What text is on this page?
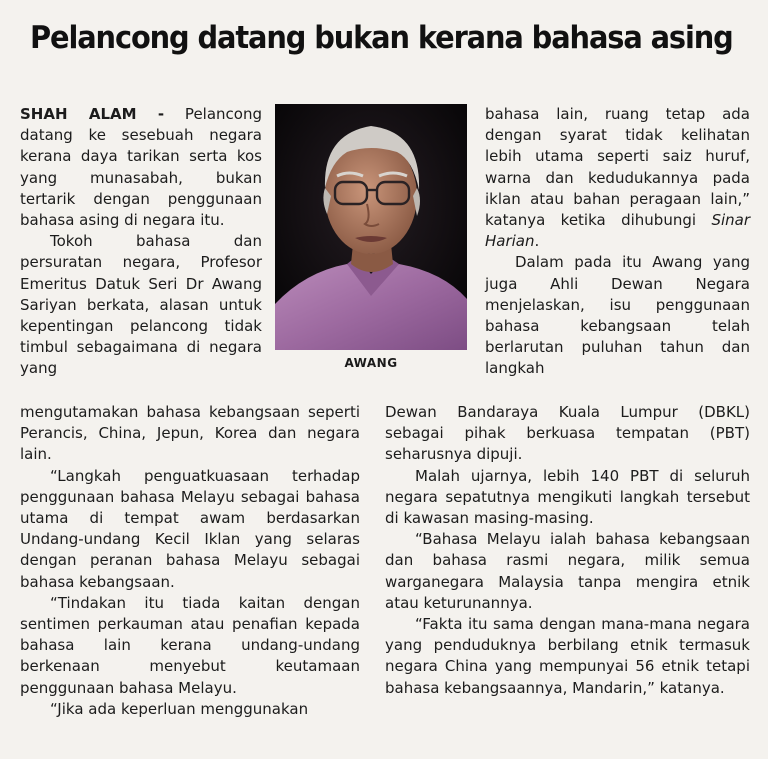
Pelancong datang bukan kerana bahasa asing

SHAH ALAM - Pelancong datang ke sesebuah negara kerana daya tarikan serta kos yang munasabah, bukan tertarik dengan penggunaan bahasa asing di negara itu.

Tokoh bahasa dan persuratan negara, Profesor Emeritus Datuk Seri Dr Awang Sariyan berkata, alasan untuk kepentingan pelancong tidak timbul sebagaimana di negara yang	AWANG

mengutamakan bahasa kebangsaan seperti Perancis, China, Jepun, Korea dan negara lain.

“Langkah penguatkuasaan terhadap penggunaan bahasa Melayu sebagai bahasa utama di tempat awam berdasarkan Undang-undang Kecil Iklan yang selaras dengan peranan bahasa Melayu sebagai bahasa kebangsaan.

“Tindakan itu tiada kaitan dengan sentimen perkauman atau penafian kepada bahasa lain kerana undang-undang berkenaan menyebut keutamaan penggunaan bahasa Melayu.

“Jika ada keperluan menggunakan

bahasa lain, ruang tetap ada dengan syarat tidak kelihatan lebih utama seperti saiz huruf, warna dan kedudukannya pada iklan atau bahan peragaan lain,” katanya ketika dihubungi Sinar Harian.

Dalam pada itu Awang yang juga Ahli Dewan Negara menjelaskan, isu penggunaan bahasa kebangsaan telah berlarutan puluhan tahun dan langkah

Dewan Bandaraya Kuala Lumpur (DBKL) sebagai pihak berkuasa tempatan (PBT) seharusnya dipuji.

Malah ujarnya, lebih 140 PBT di seluruh negara sepatutnya mengikuti langkah tersebut di kawasan masing-masing.

“Bahasa Melayu ialah bahasa kebangsaan dan bahasa rasmi negara, milik semua warganegara Malaysia tanpa mengira etnik atau keturunannya.

“Fakta itu sama dengan mana-mana negara yang penduduknya berbilang etnik termasuk negara China yang mempunyai 56 etnik tetapi bahasa kebangsaannya, Mandarin,” katanya.
